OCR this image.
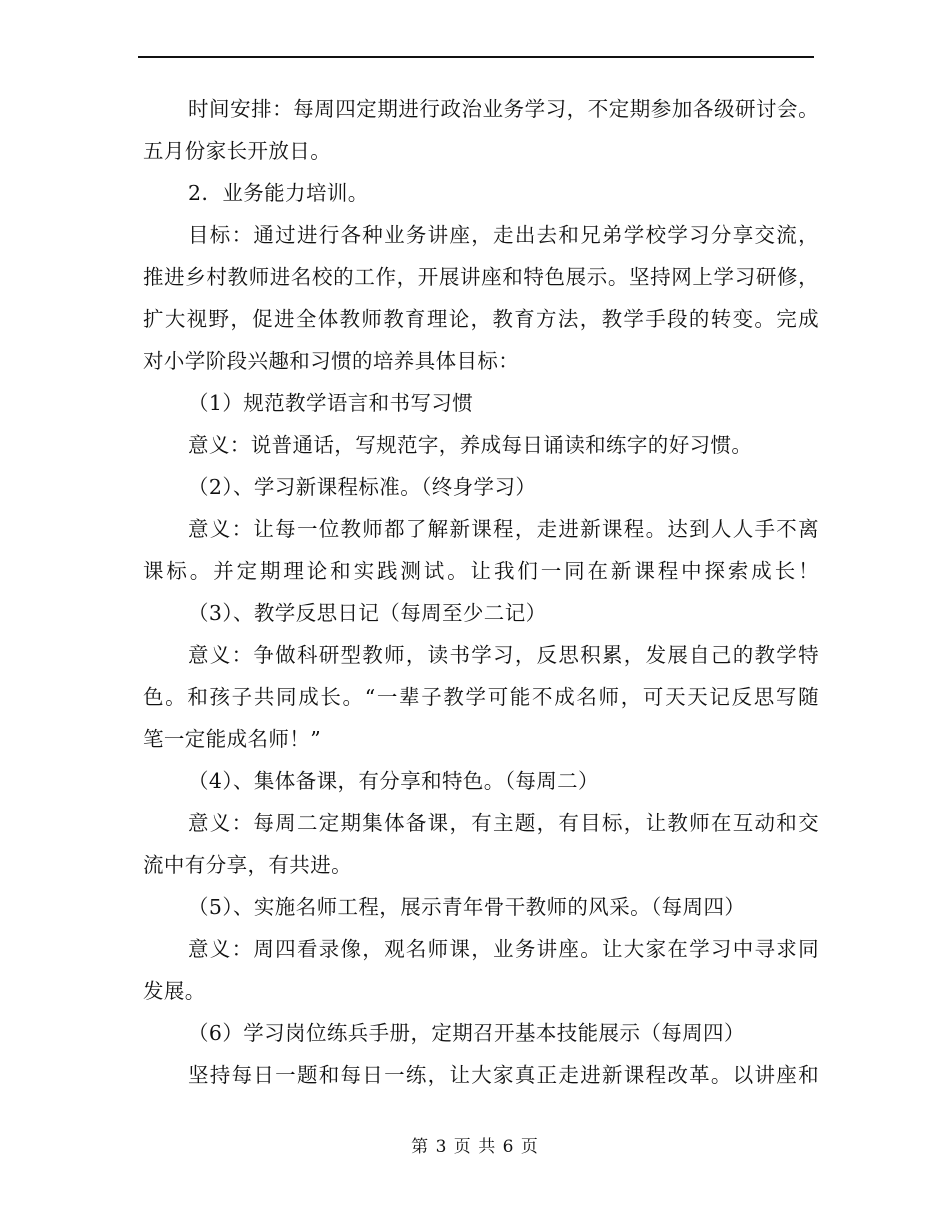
时间安排：每周四定期进行政治业务学习，不定期参加各级研讨会。
五月份家长开放日。
2．业务能力培训。
目标：通过进行各种业务讲座，走出去和兄弟学校学习分享交流，
推进乡村教师进名校的工作，开展讲座和特色展示。坚持网上学习研修，
扩大视野，促进全体教师教育理论，教育方法，教学手段的转变。完成
对小学阶段兴趣和习惯的培养具体目标：
（1）规范教学语言和书写习惯
意义：说普通话，写规范字，养成每日诵读和练字的好习惯。
（2）、学习新课程标准。（终身学习）
意义：让每一位教师都了解新课程，走进新课程。达到人人手不离
课标。并定期理论和实践测试。让我们一同在新课程中探索成长！
（3）、教学反思日记（每周至少二记）
意义：争做科研型教师，读书学习，反思积累，发展自己的教学特
色。和孩子共同成长。“一辈子教学可能不成名师，可天天记反思写随
笔一定能成名师！”
（4）、集体备课，有分享和特色。（每周二）
意义：每周二定期集体备课，有主题，有目标，让教师在互动和交
流中有分享，有共进。
（5）、实施名师工程，展示青年骨干教师的风采。（每周四）
意义：周四看录像，观名师课，业务讲座。让大家在学习中寻求同
发展。
（6）学习岗位练兵手册，定期召开基本技能展示（每周四）
坚持每日一题和每日一练，让大家真正走进新课程改革。以讲座和
第 3 页 共 6 页
